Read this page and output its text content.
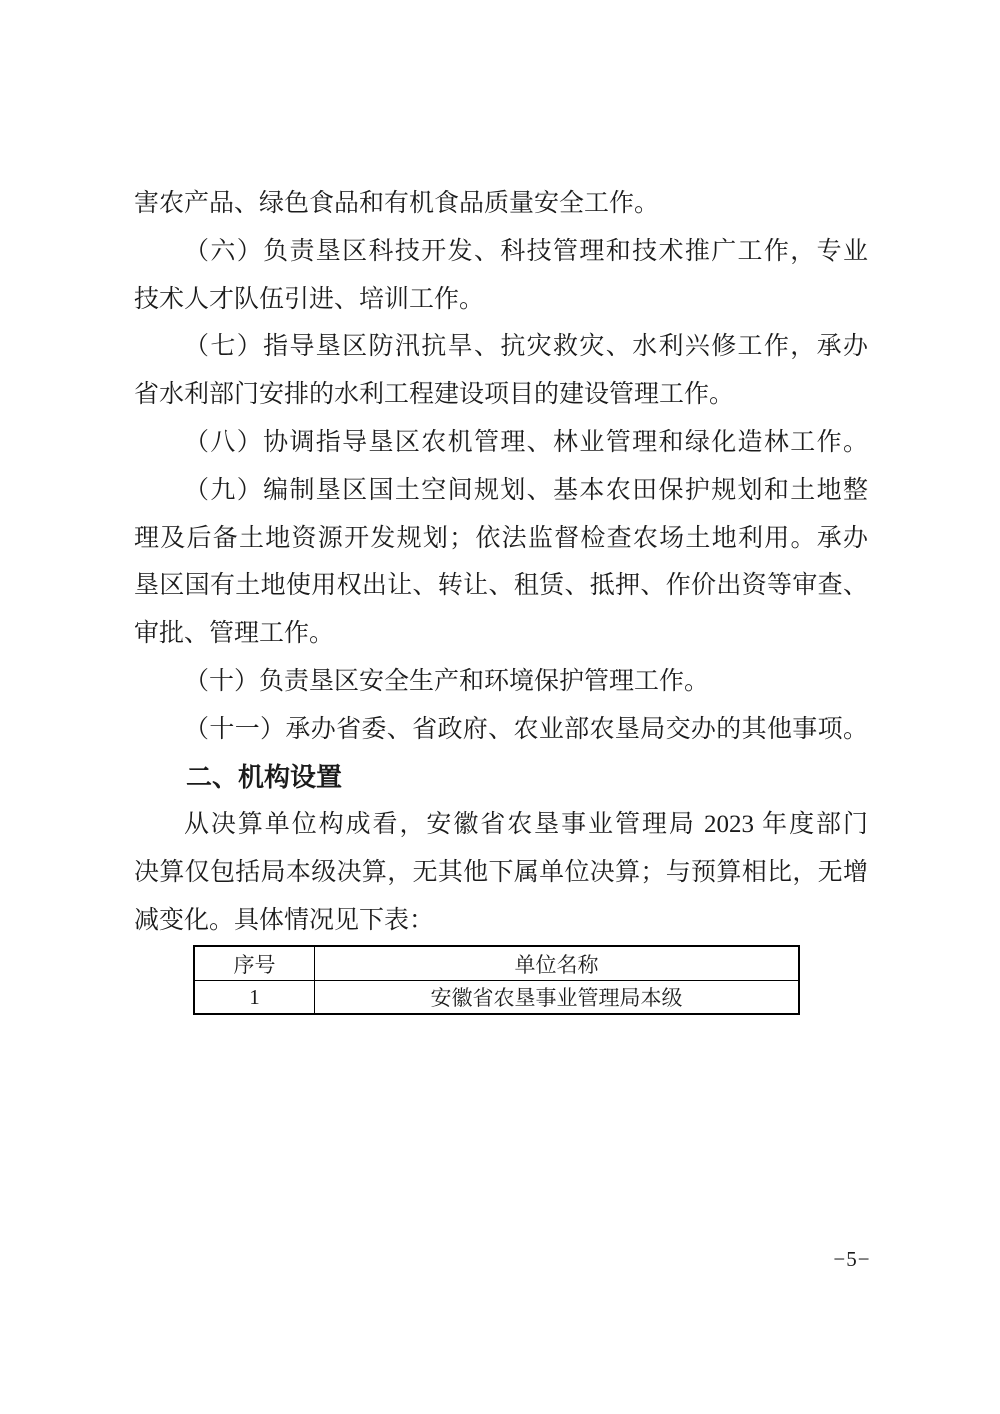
害农产品、绿色食品和有机食品质量安全工作。
（六）负责垦区科技开发、科技管理和技术推广工作，专业
技术人才队伍引进、培训工作。
（七）指导垦区防汛抗旱、抗灾救灾、水利兴修工作，承办
省水利部门安排的水利工程建设项目的建设管理工作。
（八）协调指导垦区农机管理、林业管理和绿化造林工作。
（九）编制垦区国土空间规划、基本农田保护规划和土地整
理及后备土地资源开发规划；依法监督检查农场土地利用。承办
垦区国有土地使用权出让、转让、租赁、抵押、作价出资等审查、
审批、管理工作。
（十）负责垦区安全生产和环境保护管理工作。
（十一）承办省委、省政府、农业部农垦局交办的其他事项。
二、机构设置
从决算单位构成看，安徽省农垦事业管理局 2023 年度部门
决算仅包括局本级决算，无其他下属单位决算；与预算相比，无增
减变化。具体情况见下表：
序号	单位名称
1	安徽省农垦事业管理局本级
−5−
